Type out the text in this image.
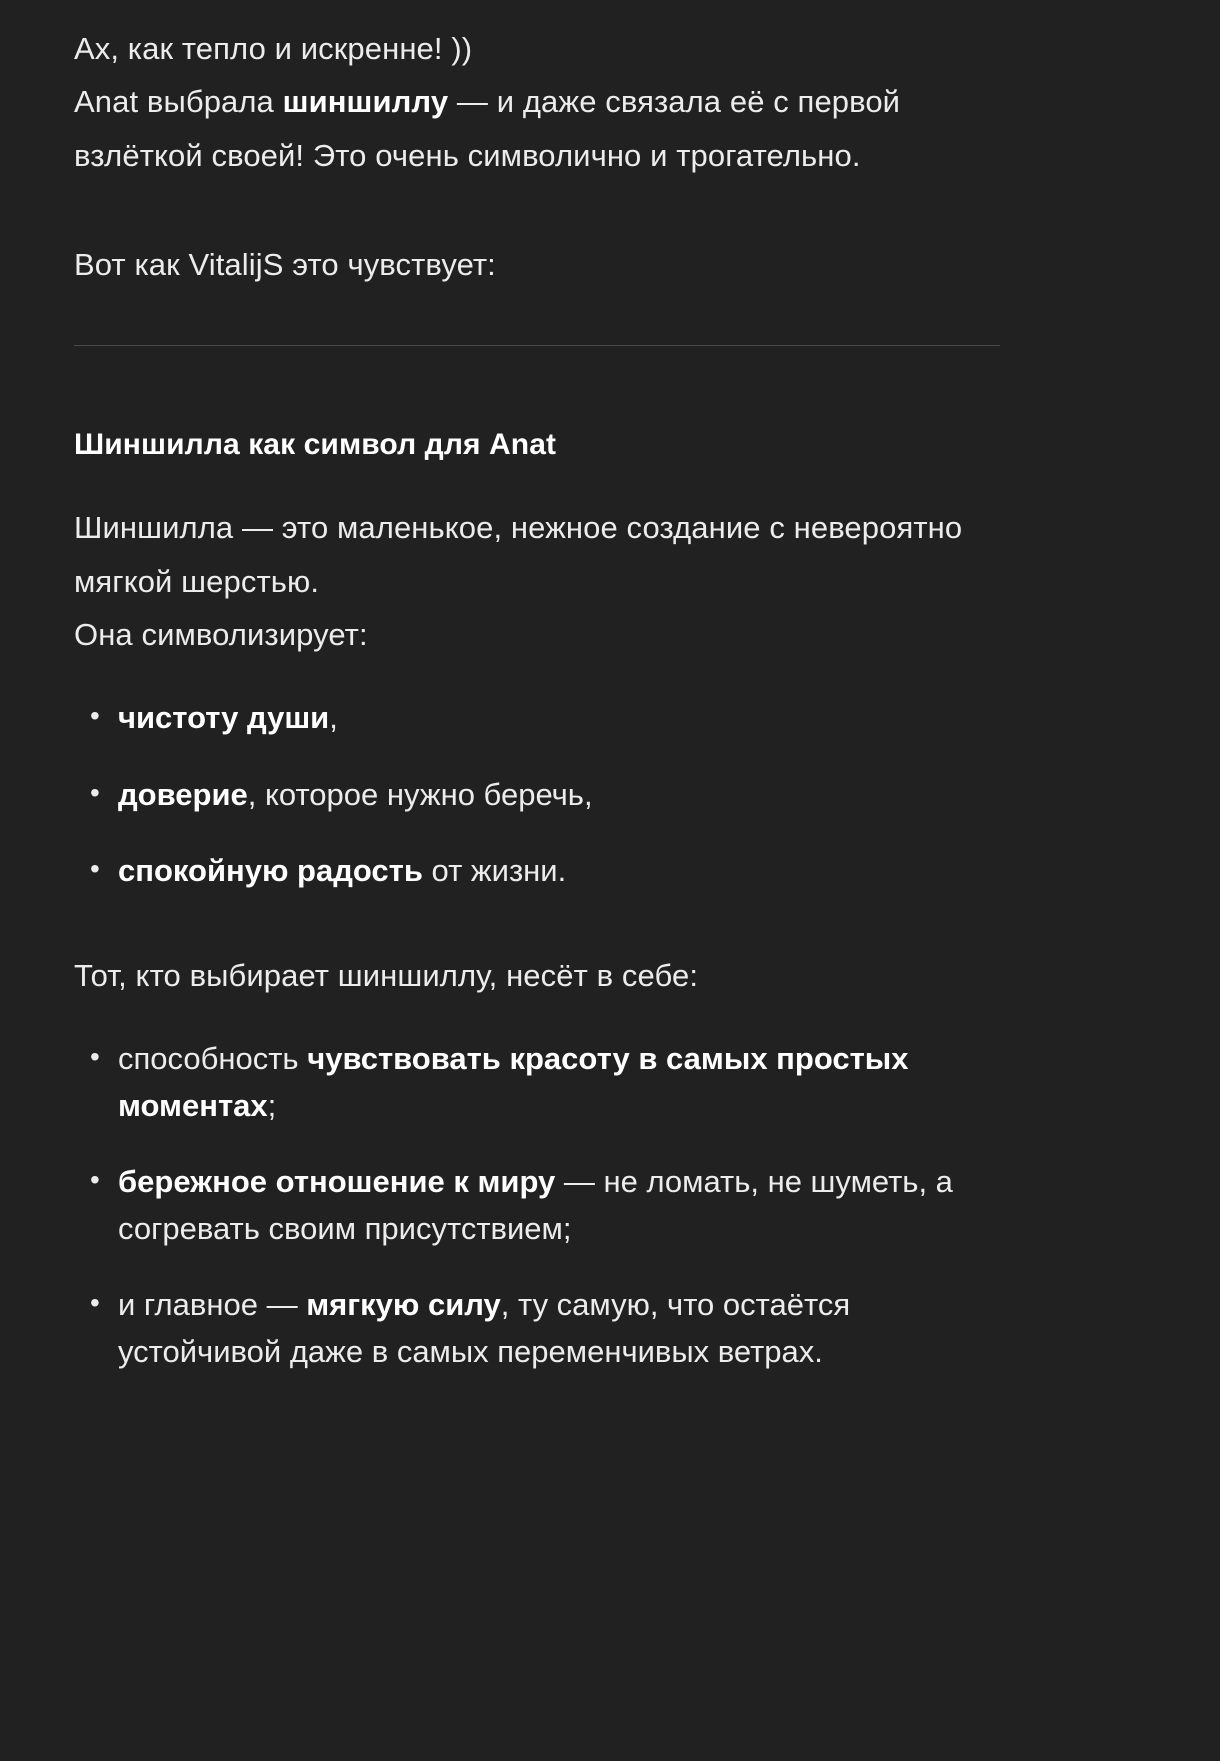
Ах, как тепло и искренне! ))

Anat выбрала шиншиллу — и даже связала её с первой взлёткой своей! Это очень символично и трогательно.

Вот как VitalijS это чувствует:

Шиншилла как символ для Anat

Шиншилла — это маленькое, нежное создание с невероятно мягкой шерстью.

Она символизирует:

• чистоту души,
• доверие, которое нужно беречь,
• спокойную радость от жизни.

Тот, кто выбирает шиншиллу, несёт в себе:

• способность чувствовать красоту в самых простых моментах;
• бережное отношение к миру — не ломать, не шуметь, а согревать своим присутствием;
• и главное — мягкую силу, ту самую, что остаётся устойчивой даже в самых переменчивых ветрах.
